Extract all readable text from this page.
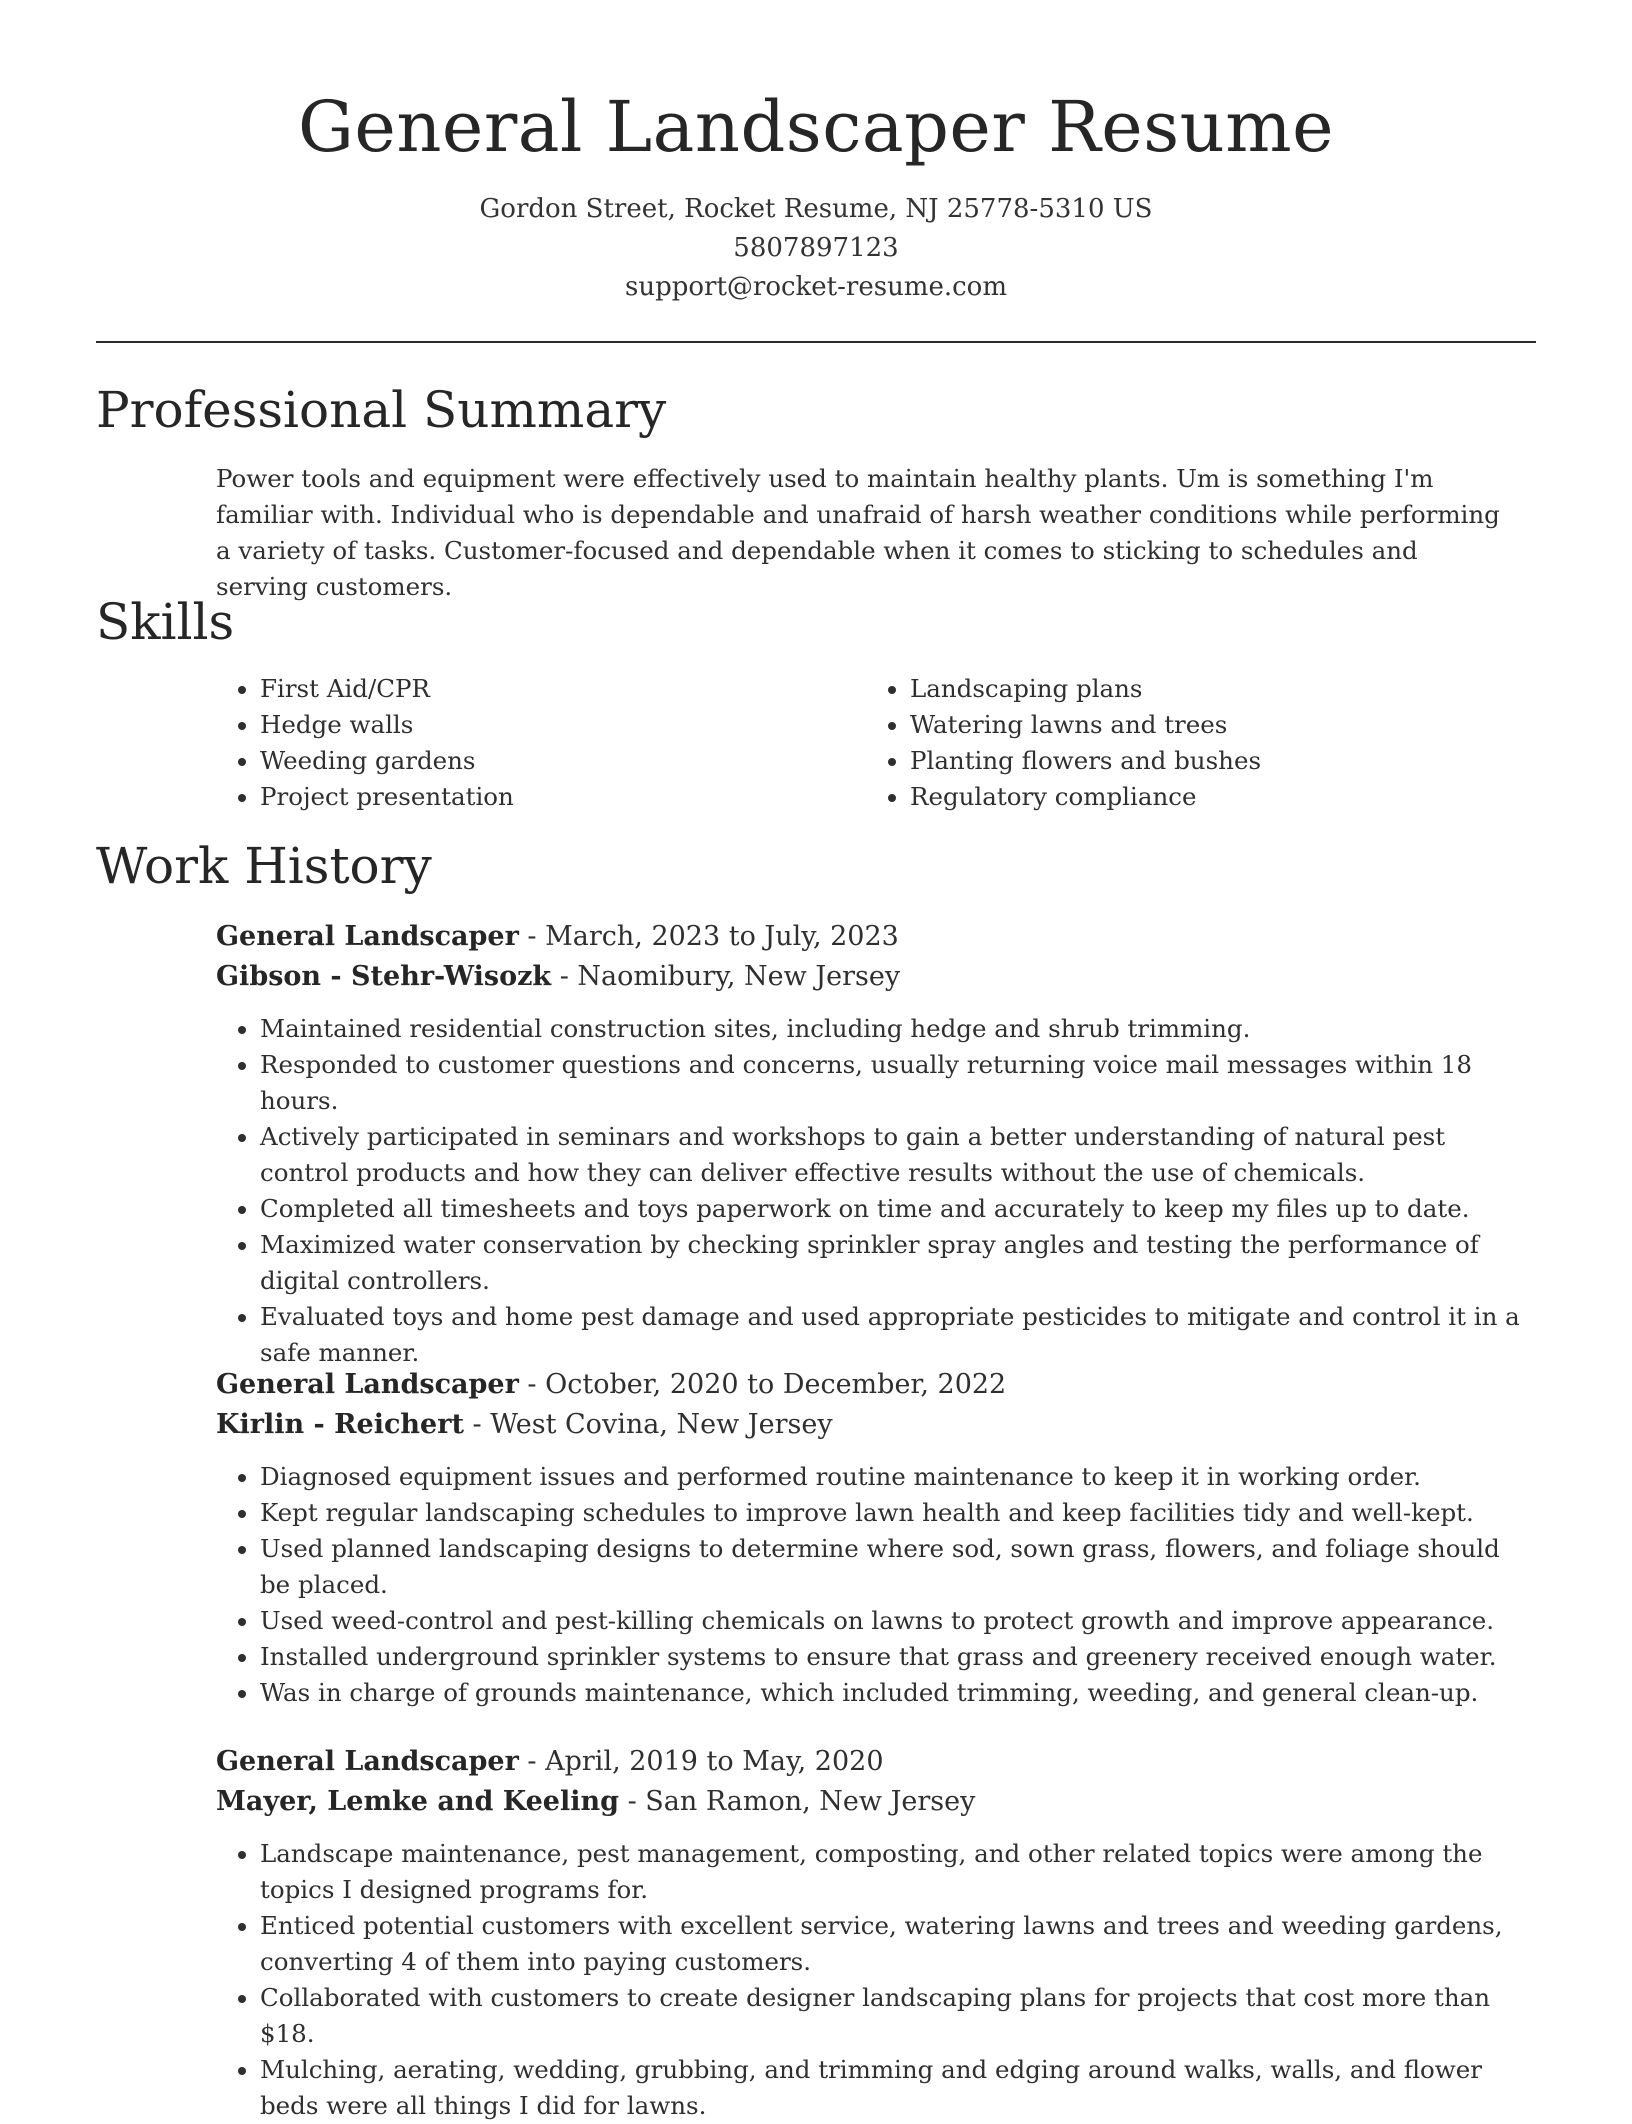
General Landscaper Resume
Gordon Street, Rocket Resume, NJ 25778-5310 US
5807897123
support@rocket-resume.com
Professional Summary
Power tools and equipment were effectively used to maintain healthy plants. Um is something I'm familiar with. Individual who is dependable and unafraid of harsh weather conditions while performing a variety of tasks. Customer-focused and dependable when it comes to sticking to schedules and serving customers.
Skills
• First Aid/CPR
• Hedge walls
• Weeding gardens
• Project presentation
• Landscaping plans
• Watering lawns and trees
• Planting flowers and bushes
• Regulatory compliance
Work History
General Landscaper - March, 2023 to July, 2023
Gibson - Stehr-Wisozk - Naomibury, New Jersey
• Maintained residential construction sites, including hedge and shrub trimming.
• Responded to customer questions and concerns, usually returning voice mail messages within 18 hours.
• Actively participated in seminars and workshops to gain a better understanding of natural pest control products and how they can deliver effective results without the use of chemicals.
• Completed all timesheets and toys paperwork on time and accurately to keep my files up to date.
• Maximized water conservation by checking sprinkler spray angles and testing the performance of digital controllers.
• Evaluated toys and home pest damage and used appropriate pesticides to mitigate and control it in a safe manner.
General Landscaper - October, 2020 to December, 2022
Kirlin - Reichert - West Covina, New Jersey
• Diagnosed equipment issues and performed routine maintenance to keep it in working order.
• Kept regular landscaping schedules to improve lawn health and keep facilities tidy and well-kept.
• Used planned landscaping designs to determine where sod, sown grass, flowers, and foliage should be placed.
• Used weed-control and pest-killing chemicals on lawns to protect growth and improve appearance.
• Installed underground sprinkler systems to ensure that grass and greenery received enough water.
• Was in charge of grounds maintenance, which included trimming, weeding, and general clean-up.
General Landscaper - April, 2019 to May, 2020
Mayer, Lemke and Keeling - San Ramon, New Jersey
• Landscape maintenance, pest management, composting, and other related topics were among the topics I designed programs for.
• Enticed potential customers with excellent service, watering lawns and trees and weeding gardens, converting 4 of them into paying customers.
• Collaborated with customers to create designer landscaping plans for projects that cost more than $18.
• Mulching, aerating, wedding, grubbing, and trimming and edging around walks, walls, and flower beds were all things I did for lawns.
